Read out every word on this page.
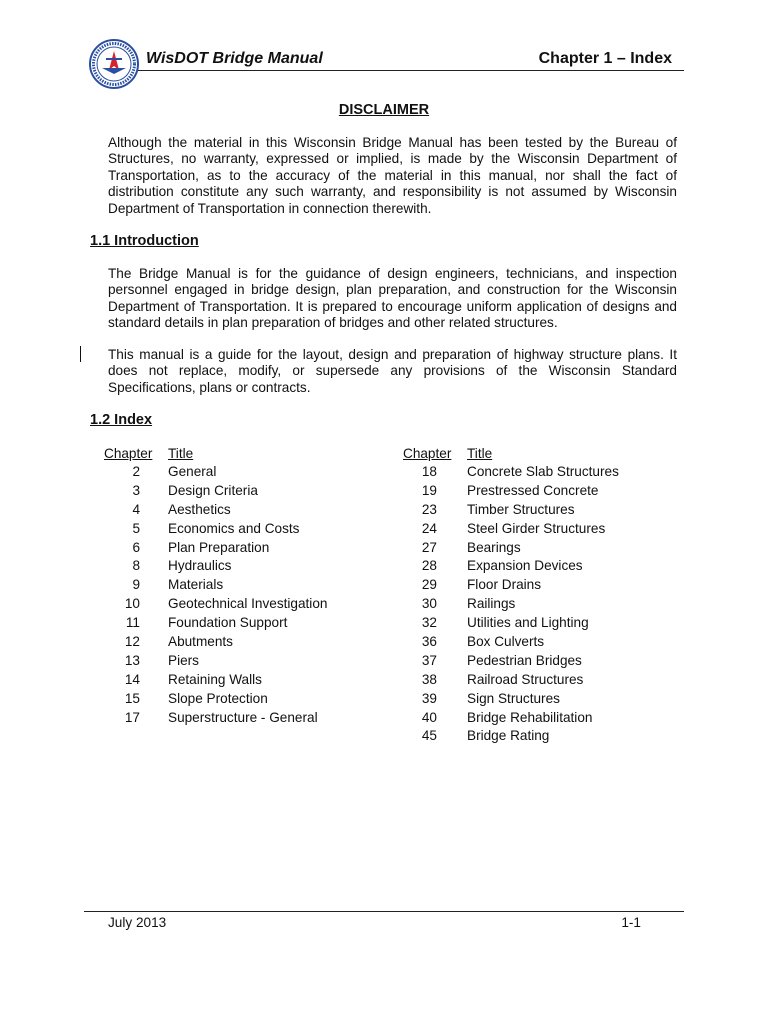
WisDOT Bridge Manual	Chapter 1 – Index
DISCLAIMER
Although the material in this Wisconsin Bridge Manual has been tested by the Bureau of Structures, no warranty, expressed or implied, is made by the Wisconsin Department of Transportation, as to the accuracy of the material in this manual, nor shall the fact of distribution constitute any such warranty, and responsibility is not assumed by Wisconsin Department of Transportation in connection therewith.
1.1 Introduction
The Bridge Manual is for the guidance of design engineers, technicians, and inspection personnel engaged in bridge design, plan preparation, and construction for the Wisconsin Department of Transportation. It is prepared to encourage uniform application of designs and standard details in plan preparation of bridges and other related structures.
This manual is a guide for the layout, design and preparation of highway structure plans. It does not replace, modify, or supersede any provisions of the Wisconsin Standard Specifications, plans or contracts.
1.2 Index
Chapter	Title
2 General
3 Design Criteria
4 Aesthetics
5 Economics and Costs
6 Plan Preparation
8 Hydraulics
9 Materials
10 Geotechnical Investigation
11 Foundation Support
12 Abutments
13 Piers
14 Retaining Walls
15 Slope Protection
17 Superstructure - General
Chapter	Title
18 Concrete Slab Structures
19 Prestressed Concrete
23 Timber Structures
24 Steel Girder Structures
27 Bearings
28 Expansion Devices
29 Floor Drains
30 Railings
32 Utilities and Lighting
36 Box Culverts
37 Pedestrian Bridges
38 Railroad Structures
39 Sign Structures
40 Bridge Rehabilitation
45 Bridge Rating
July 2013	1-1
